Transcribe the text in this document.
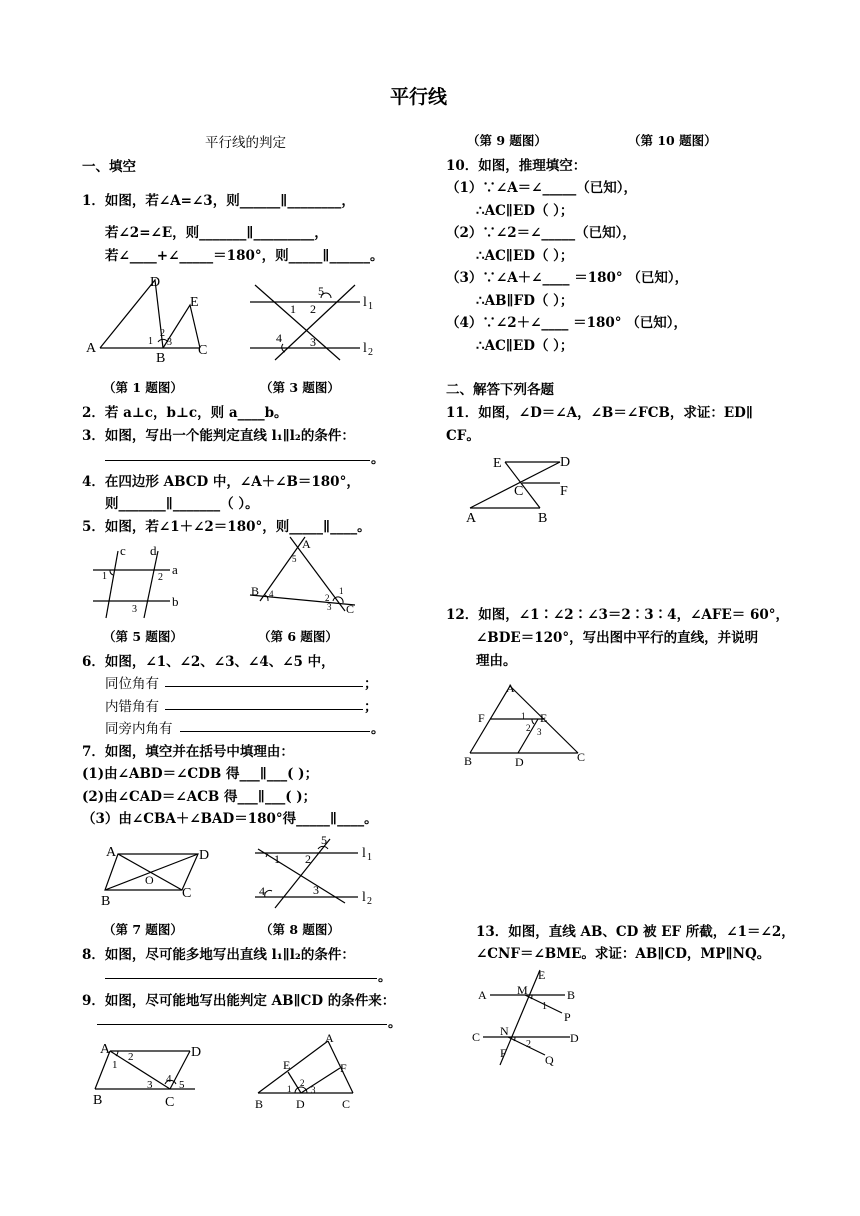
平行线
平行线的判定
一、填空
1．如图，若∠A=∠3，则______∥________，
若∠2=∠E，则_______∥_________，
若∠____+∠_____＝180°，则_____∥______。
D
E
A
B
C
1
2
3
l 1
l 2
1 2
5
4 3
（第 1 题图）	（第 3 题图）
2．若 a⊥c，b⊥c，则 a____b。
3．如图，写出一个能判定直线 l₁∥l₂的条件：
。
4．在四边形 ABCD 中，∠A＋∠B＝180°，
则_______∥_______（ ）。
5．如图，若∠1＋∠2＝180°，则_____∥____。
c d
a
b
1	2
3
A
B
C
5
4	2
3
1
（第 5 题图）	（第 6 题图）
6．如图，∠1、∠2、∠3、∠4、∠5 中，
同位角有	；
内错角有	；
同旁内角有	。
7．如图，填空并在括号中填理由：
(1)由∠ABD＝∠CDB 得___∥___( )；
(2)由∠CAD＝∠ACB 得___∥___( )；
（3）由∠CBA＋∠BAD＝180°得_____∥____。
A	D
B
C
O
1 2
5
4	3
l 1
l 2
（第 7 题图）	（第 8 题图）
8．如图，尽可能多地写出直线 l₁∥l₂的条件：
。
9．如图，尽可能地写出能判定 AB∥CD 的条件来：
。
A	D
B	C
1
2
3 4 5
A
E	F
B	D	C
1
2
3
（第 9 题图）	（第 10 题图）
10．如图，推理填空：
（1）∵∠A＝∠_____（已知），
∴AC∥ED（ ）；
（2）∵∠2＝∠_____（已知），
∴AC∥ED（ ）；
（3）∵∠A＋∠____ ＝180° （已知），
∴AB∥FD（ ）；
（4）∵∠2＋∠____ ＝180° （已知），
∴AC∥ED（ ）；
二、解答下列各题
11．如图，∠D＝∠A，∠B＝∠FCB，求证：ED∥
CF。
E	D
C	F
A	B
12．如图，∠1∶∠2∶∠3＝2∶3∶4，∠AFE＝ 60°，
∠BDE＝120°，写出图中平行的直线，并说明
理由。
A
F	E
B	D	C
1
2 3
13．如图，直线 AB、CD 被 EF 所截，∠1＝∠2，
∠CNF＝∠BME。求证：AB∥CD，MP∥NQ。
E
A	M	B
P
1
C N	D
2
Q
F
